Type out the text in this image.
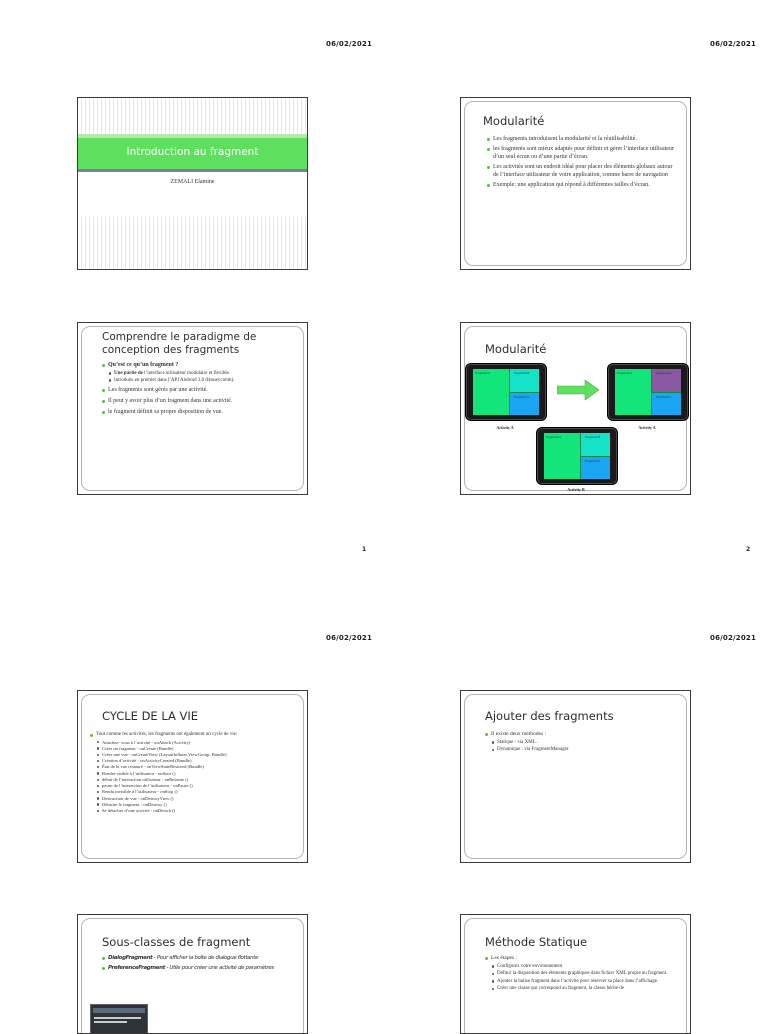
06/02/2021	06/02/2021
1	2
06/02/2021	06/02/2021
Introduction au fragment
ZEMALI Elamine
Modularité
Les fragments introduisent la modularité et la réutilisabilité.
les fragments sont mieux adaptés pour définir et gérer l’interface utilisateur d’un seul écran ou d’une partie d’écran.
Les activités sont un endroit idéal pour placer des éléments globaux autour de l’interface utilisateur de votre application, comme barre de navigation
Exemple: une application qui répond à différentes tailles d’écran.
Comprendre le paradigme de conception des fragments
Qu’est ce qu’un fragment ?
Une partie de l’interface utilisateur modulaire et flexible.
Introduits en premier dans l’API Android 3.0 (Honeycomb).
Les fragments sont gérés par une activité.
Il peut y avoir plus d’un fragment dans une activité.
le fragment définit sa propre disposition de vue.
Modularité
Fragment A	Fragment B
Fragment C
Activity A
Fragment A	Fragment B
Fragment C
Activity A
Fragment A	Fragment B
Fragment C
Activity B
CYCLE DE LA VIE
Tout comme les activités, les fragments ont également un cycle de vie:
Attachez- vous à l’activité - onAttach (Activity)
Créer un fragment - onCreate (Bundle)
Créer une vue - onCreateView (LayoutInflater,ViewGroup, Bundle)
Création d’activité - onActivityCreated (Bundle)
État de la vue restauré - onViewStateRestored (Bundle)
Rendre visible à l’utilisateur - onStart ()
début de l’interaction utilisateur - onResume ()
pause de l’interaction de l’utilisateur - onPause ()
Rendu invisible à l’utilisateur - onStop ()
Destruction de vue - onDestroyView ()
Détruire le fragment - onDestroy ()
Se détacher d’une activité - onDetach ()
Ajouter des fragments
Il existe deux méthodes :
Statique : via XML.
Dynamique : via FragmentManager
Sous-classes de fragment
DialogFragment - Pour afficher la boîte de dialogue flottante
PreferenceFragment - Utile pour créer une activité de paramètres
Méthode Statique
Les étapes :
Configurez votre environnement
Définir la disposition des éléments graphiques dans fichier XML propre au fragment.
Ajouter la balise fragment dans l’activité pour réserver sa place dans l’affichage.
Créer une classe qui correspond au fragment, la classe hérite de
